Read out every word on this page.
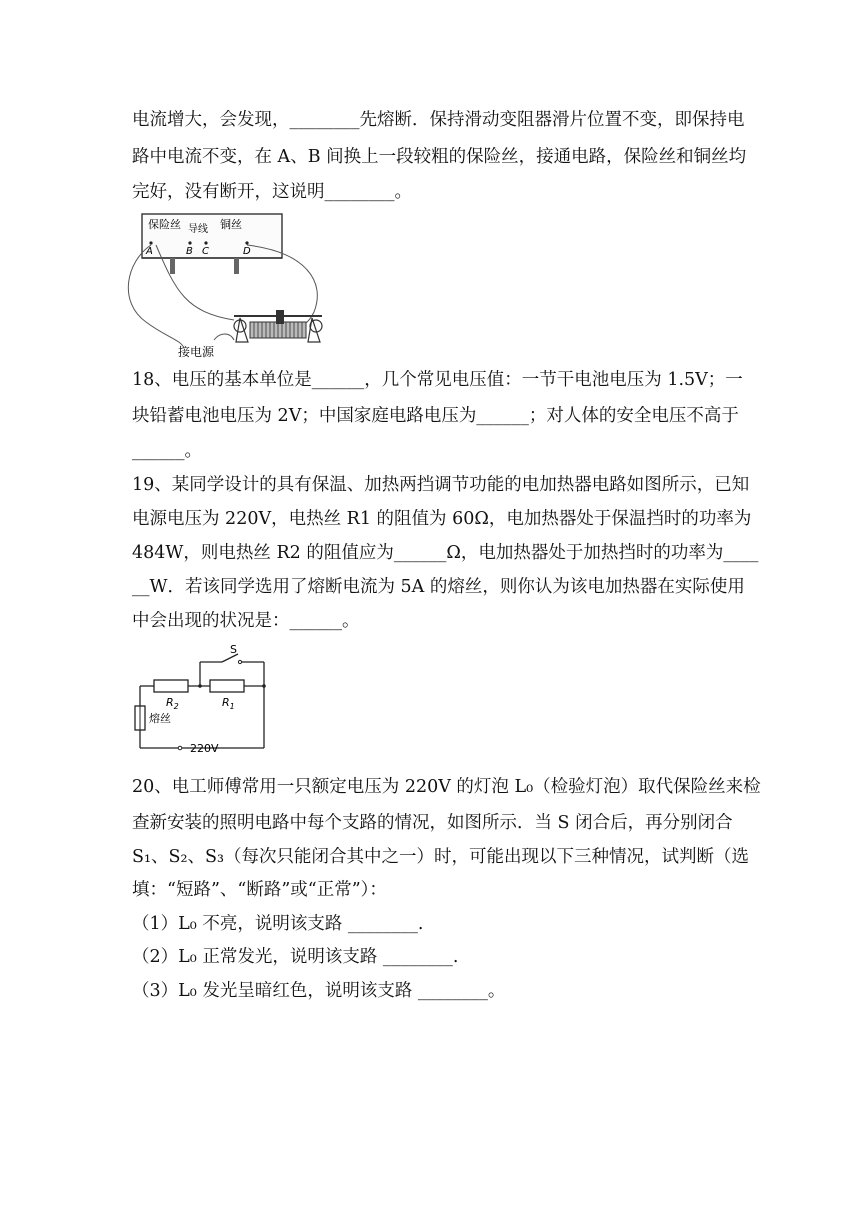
电流增大，会发现，________先熔断．保持滑动变阻器滑片位置不变，即保持电
路中电流不变，在 A、B 间换上一段较粗的保险丝，接通电路，保险丝和铜丝均
完好，没有断开，这说明________。
保险丝 导线 铜丝
A	B C	D
接电源
18、电压的基本单位是______，几个常见电压值：一节干电池电压为 1.5V；一
块铅蓄电池电压为 2V；中国家庭电路电压为______；对人体的安全电压不高于
______。
19、某同学设计的具有保温、加热两挡调节功能的电加热器电路如图所示，已知
电源电压为 220V，电热丝 R1 的阻值为 60Ω，电加热器处于保温挡时的功率为
484W，则电热丝 R2 的阻值应为______Ω，电加热器处于加热挡时的功率为____
__W．若该同学选用了熔断电流为 5A 的熔丝，则你认为该电加热器在实际使用
中会出现的状况是：______。
S
$R_2$	$R_1$
熔丝
220V
20、电工师傅常用一只额定电压为 220V 的灯泡 L₀（检验灯泡）取代保险丝来检
查新安装的照明电路中每个支路的情况，如图所示．当 S 闭合后，再分别闭合
S₁、S₂、S₃（每次只能闭合其中之一）时，可能出现以下三种情况，试判断（选
填：“短路”、“断路”或“正常”）：
（1）L₀ 不亮，说明该支路 ________.
（2）L₀ 正常发光，说明该支路 ________.
（3）L₀ 发光呈暗红色，说明该支路 ________。
